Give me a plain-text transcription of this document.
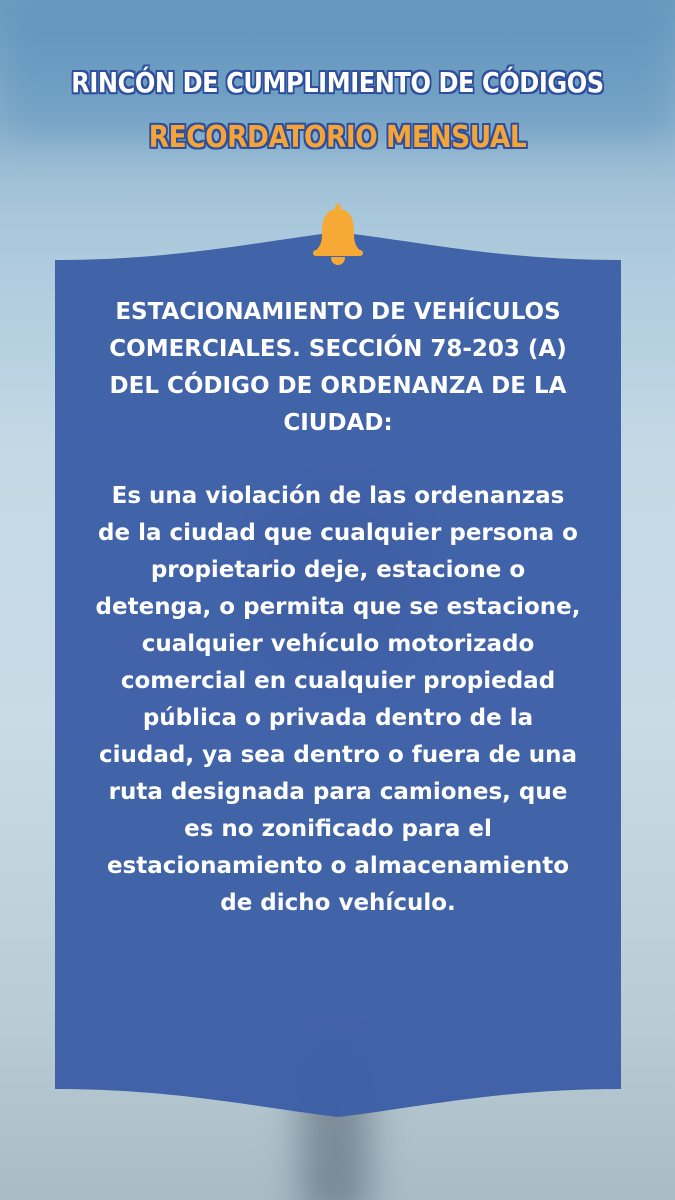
RINCÓN DE CUMPLIMIENTO DE CÓDIGOS
RECORDATORIO MENSUAL

ESTACIONAMIENTO DE VEHÍCULOS COMERCIALES. SECCIÓN 78-203 (A) DEL CÓDIGO DE ORDENANZA DE LA CIUDAD:

Es una violación de las ordenanzas de la ciudad que cualquier persona o propietario deje, estacione o detenga, o permita que se estacione, cualquier vehículo motorizado comercial en cualquier propiedad pública o privada dentro de la ciudad, ya sea dentro o fuera de una ruta designada para camiones, que es no zonificado para el estacionamiento o almacenamiento de dicho vehículo.
